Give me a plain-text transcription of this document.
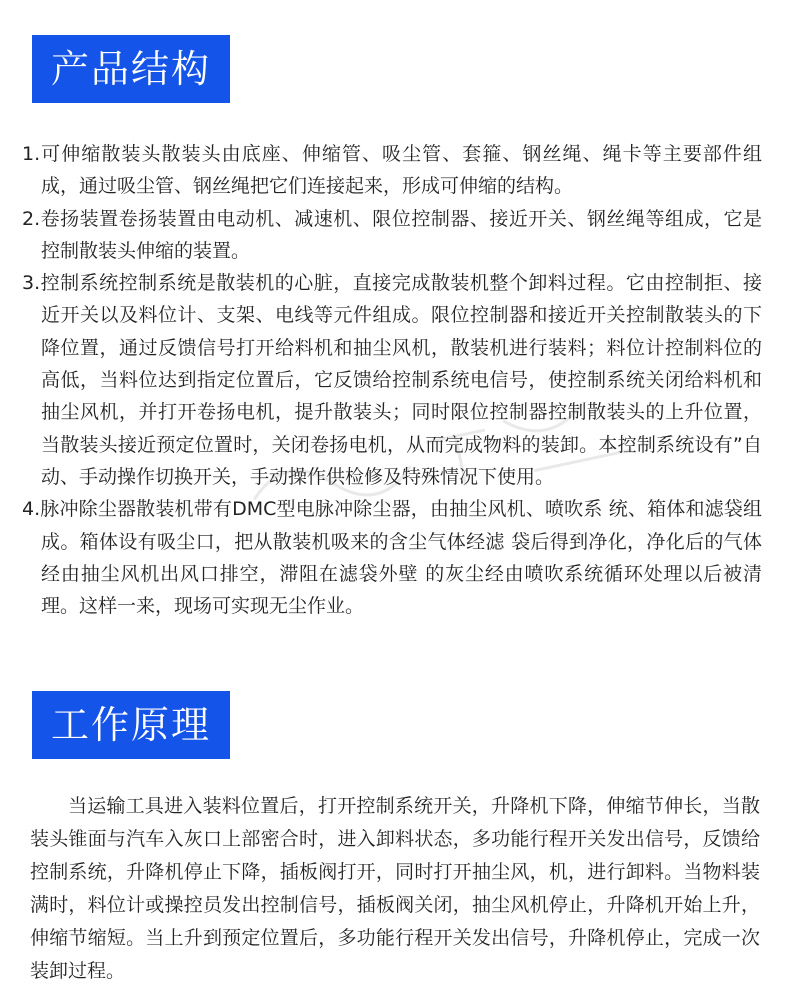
产品结构
1.可伸缩散装头散装头由底座、伸缩管、吸尘管、套箍、钢丝绳、绳卡等主要部件组成，通过吸尘管、钢丝绳把它们连接起来，形成可伸缩的结构。
2.卷扬装置卷扬装置由电动机、减速机、限位控制器、接近开关、钢丝绳等组成，它是控制散装头伸缩的装置。
3.控制系统控制系统是散装机的心脏，直接完成散装机整个卸料过程。它由控制拒、接近开关以及料位计、支架、电线等元件组成。限位控制器和接近开关控制散装头的下降位置，通过反馈信号打开给料机和抽尘风机，散装机进行装料；料位计控制料位的高低，当料位达到指定位置后，它反馈给控制系统电信号，使控制系统关闭给料机和抽尘风机，并打开卷扬电机，提升散装头；同时限位控制器控制散装头的上升位置，当散装头接近预定位置时，关闭卷扬电机，从而完成物料的装卸。本控制系统设有”自动、手动操作切换开关，手动操作供检修及特殊情况下使用。
4.脉冲除尘器散装机带有DMC型电脉冲除尘器，由抽尘风机、喷吹系 统、箱体和滤袋组成。箱体设有吸尘口，把从散装机吸来的含尘气体经滤 袋后得到净化，净化后的气体经由抽尘风机出风口排空，滞阻在滤袋外壁 的灰尘经由喷吹系统循环处理以后被清理。这样一来，现场可实现无尘作业。
工作原理

当运输工具进入装料位置后，打开控制系统开关，升降机下降，伸缩节伸长，当散装头锥面与汽车入灰口上部密合时，进入卸料状态，多功能行程开关发出信号，反馈给控制系统，升降机停止下降，插板阀打开，同时打开抽尘风，机，进行卸料。当物料装满时，料位计或操控员发出控制信号，插板阀关闭，抽尘风机停止，升降机开始上升，伸缩节缩短。当上升到预定位置后，多功能行程开关发出信号，升降机停止，完成一次装卸过程。
